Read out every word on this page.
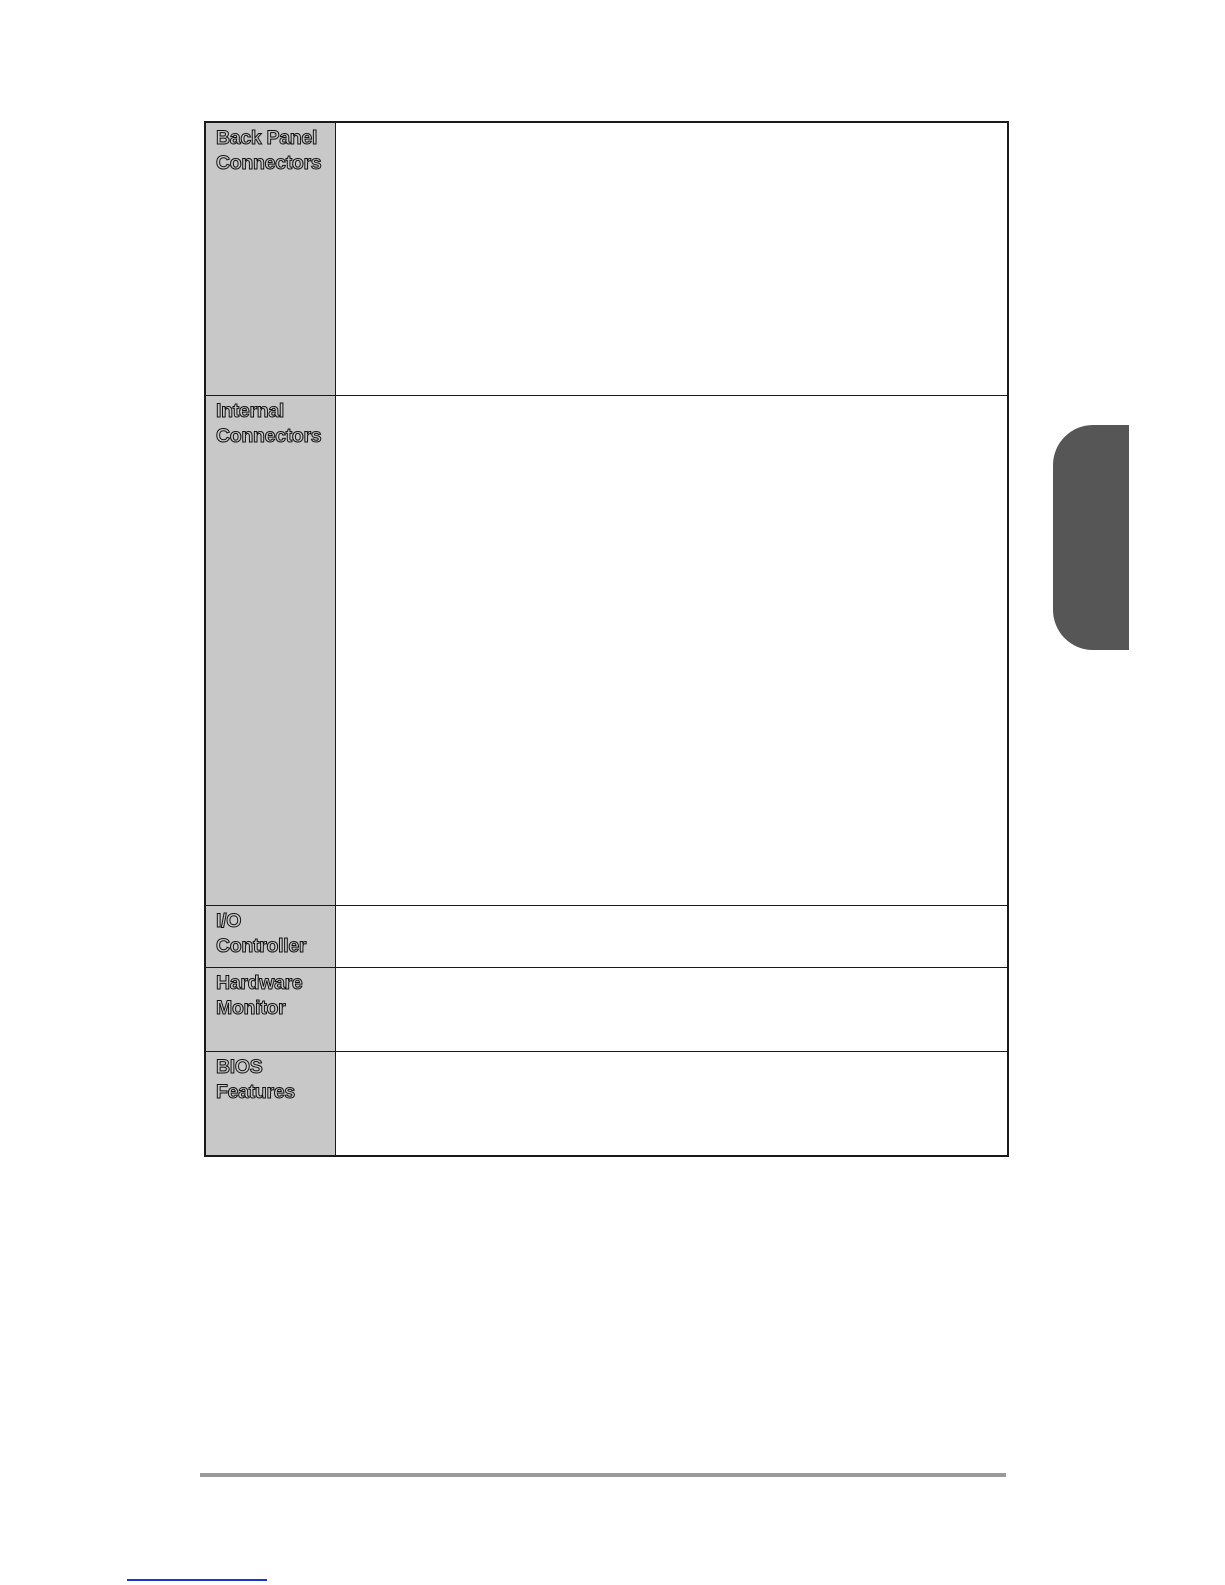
Back Panel
Connectors
Internal
Connectors
I/O
Controller
Hardware
Monitor
BIOS
Features
